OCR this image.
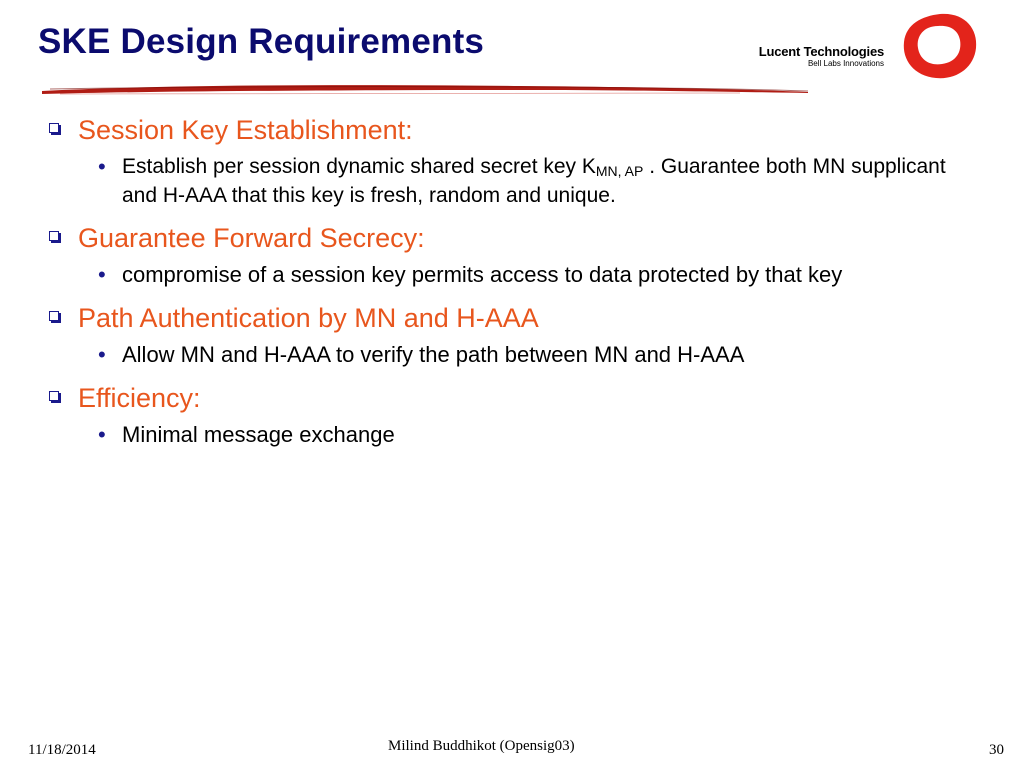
SKE Design Requirements	Lucent Technologies
Bell Labs Innovations
Session Key Establishment:
• Establish per session dynamic shared secret key $K_{MN, AP}$ . Guarantee both MN supplicant and H-AAA that this key is fresh, random and unique.
Guarantee Forward Secrecy:
• compromise of a session key permits access to data protected by that key
Path Authentication by MN and H-AAA
• Allow MN and H-AAA to verify the path between MN and H-AAA
Efficiency:
• Minimal message exchange
11/18/2014	Milind Buddhikot (Opensig03)	30
